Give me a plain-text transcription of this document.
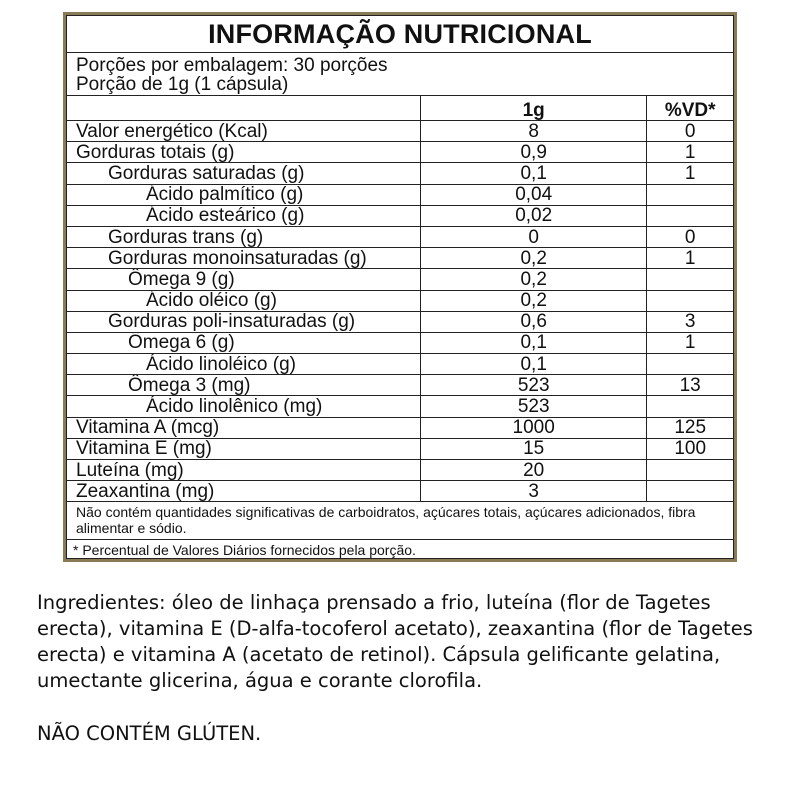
INFORMAÇÃO NUTRICIONAL
Porções por embalagem: 30 porções
Porção de 1g (1 cápsula)
	1g	%VD*
Valor energético (Kcal)	8	0
Gorduras totais (g)	0,9	1
Gorduras saturadas (g)	0,1	1
Ácido palmítico (g)	0,04	
Ácido esteárico (g)	0,02	
Gorduras trans (g)	0	0
Gorduras monoinsaturadas (g)	0,2	1
Ômega 9 (g)	0,2	
Ácido oléico (g)	0,2	
Gorduras poli-insaturadas (g)	0,6	3
Ômega 6 (g)	0,1	1
Ácido linoléico (g)	0,1	
Ômega 3 (mg)	523	13
Ácido linolênico (mg)	523	
Vitamina A (mcg)	1000	125
Vitamina E (mg)	15	100
Luteína (mg)	20	
Zeaxantina (mg)	3	
Não contém quantidades significativas de carboidratos, açúcares totais, açúcares adicionados, fibra alimentar e sódio.
* Percentual de Valores Diários fornecidos pela porção.
Ingredientes: óleo de linhaça prensado a frio, luteína (flor de Tagetes erecta), vitamina E (D-alfa-tocoferol acetato), zeaxantina (flor de Tagetes erecta) e vitamina A (acetato de retinol). Cápsula gelificante gelatina, umectante glicerina, água e corante clorofila.
NÃO CONTÉM GLÚTEN.
